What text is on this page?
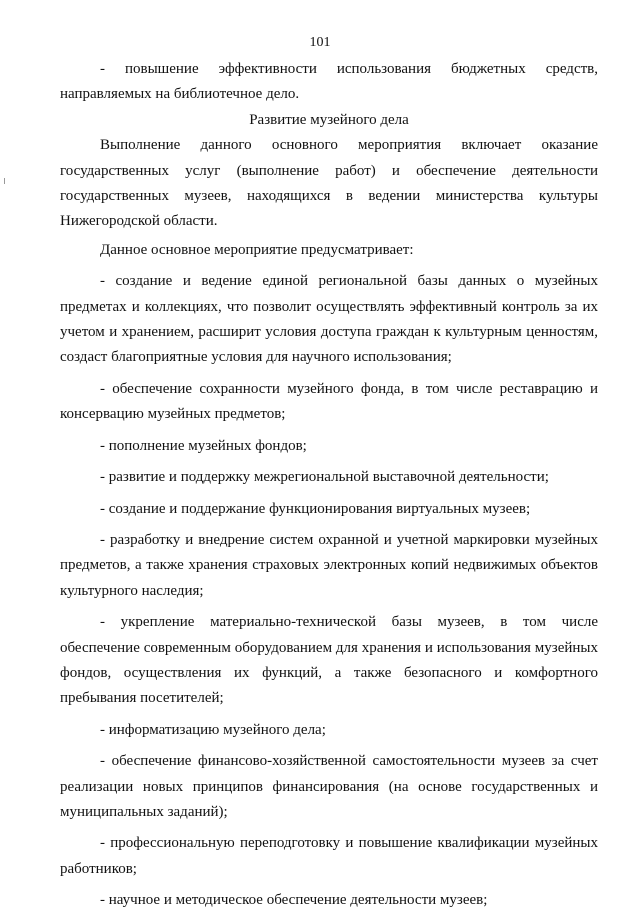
101

- повышение эффективности использования бюджетных средств, направляемых на библиотечное дело.

Развитие музейного дела

Выполнение данного основного мероприятия включает оказание государственных услуг (выполнение работ) и обеспечение деятельности государственных музеев, находящихся в ведении министерства культуры Нижегородской области.

Данное основное мероприятие предусматривает:

- создание и ведение единой региональной базы данных о музейных предметах и коллекциях, что позволит осуществлять эффективный контроль за их учетом и хранением, расширит условия доступа граждан к культурным ценностям, создаст благоприятные условия для научного использования;

- обеспечение сохранности музейного фонда, в том числе реставрацию и консервацию музейных предметов;

- пополнение музейных фондов;

- развитие и поддержку межрегиональной выставочной деятельности;

- создание и поддержание функционирования виртуальных музеев;

- разработку и внедрение систем охранной и учетной маркировки музейных предметов, а также хранения страховых электронных копий недвижимых объектов культурного наследия;

- укрепление материально-технической базы музеев, в том числе обеспечение современным оборудованием для хранения и использования музейных фондов, осуществления их функций, а также безопасного и комфортного пребывания посетителей;

- информатизацию музейного дела;

- обеспечение финансово-хозяйственной самостоятельности музеев за счет реализации новых принципов финансирования (на основе государственных и муниципальных заданий);

- профессиональную переподготовку и повышение квалификации музейных работников;

- научное и методическое обеспечение деятельности музеев;
